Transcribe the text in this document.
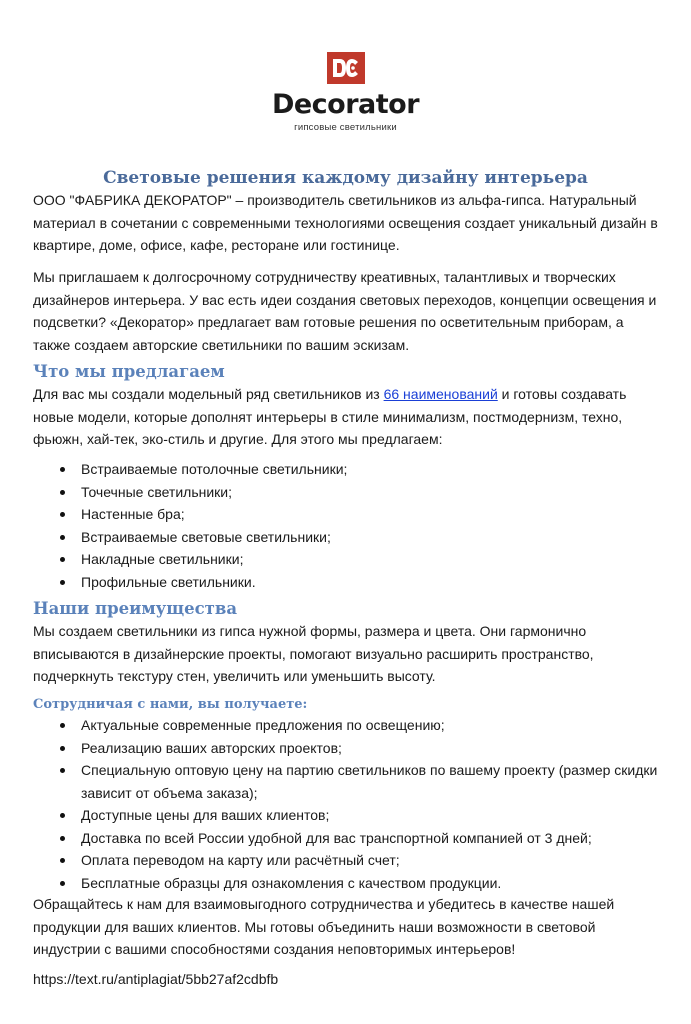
Decorator
гипсовые светильники
Световые решения каждому дизайну интерьера
ООО "ФАБРИКА ДЕКОРАТОР" – производитель светильников из альфа-гипса. Натуральный материал в сочетании с современными технологиями освещения создает уникальный дизайн в квартире, доме, офисе, кафе, ресторане или гостинице.
Мы приглашаем к долгосрочному сотрудничеству креативных, талантливых и творческих дизайнеров интерьера. У вас есть идеи создания световых переходов, концепции освещения и подсветки? «Декоратор» предлагает вам готовые решения по осветительным приборам, а также создаем авторские светильники по вашим эскизам.
Что мы предлагаем
Для вас мы создали модельный ряд светильников из 66 наименований и готовы создавать новые модели, которые дополнят интерьеры в стиле минимализм, постмодернизм, техно, фьюжн, хай-тек, эко-стиль и другие. Для этого мы предлагаем:
Встраиваемые потолочные светильники;
Точечные светильники;
Настенные бра;
Встраиваемые световые светильники;
Накладные светильники;
Профильные светильники.
Наши преимущества
Мы создаем светильники из гипса нужной формы, размера и цвета. Они гармонично вписываются в дизайнерские проекты, помогают визуально расширить пространство, подчеркнуть текстуру стен, увеличить или уменьшить высоту.
Сотрудничая с нами, вы получаете:
Актуальные современные предложения по освещению;
Реализацию ваших авторских проектов;
Специальную оптовую цену на партию светильников по вашему проекту (размер скидки зависит от объема заказа);
Доступные цены для ваших клиентов;
Доставка по всей России удобной для вас транспортной компанией от 3 дней;
Оплата переводом на карту или расчётный счет;
Бесплатные образцы для ознакомления с качеством продукции.
Обращайтесь к нам для взаимовыгодного сотрудничества и убедитесь в качестве нашей продукции для ваших клиентов. Мы готовы объединить наши возможности в световой индустрии с вашими способностями создания неповторимых интерьеров!
https://text.ru/antiplagiat/5bb27af2cdbfb
